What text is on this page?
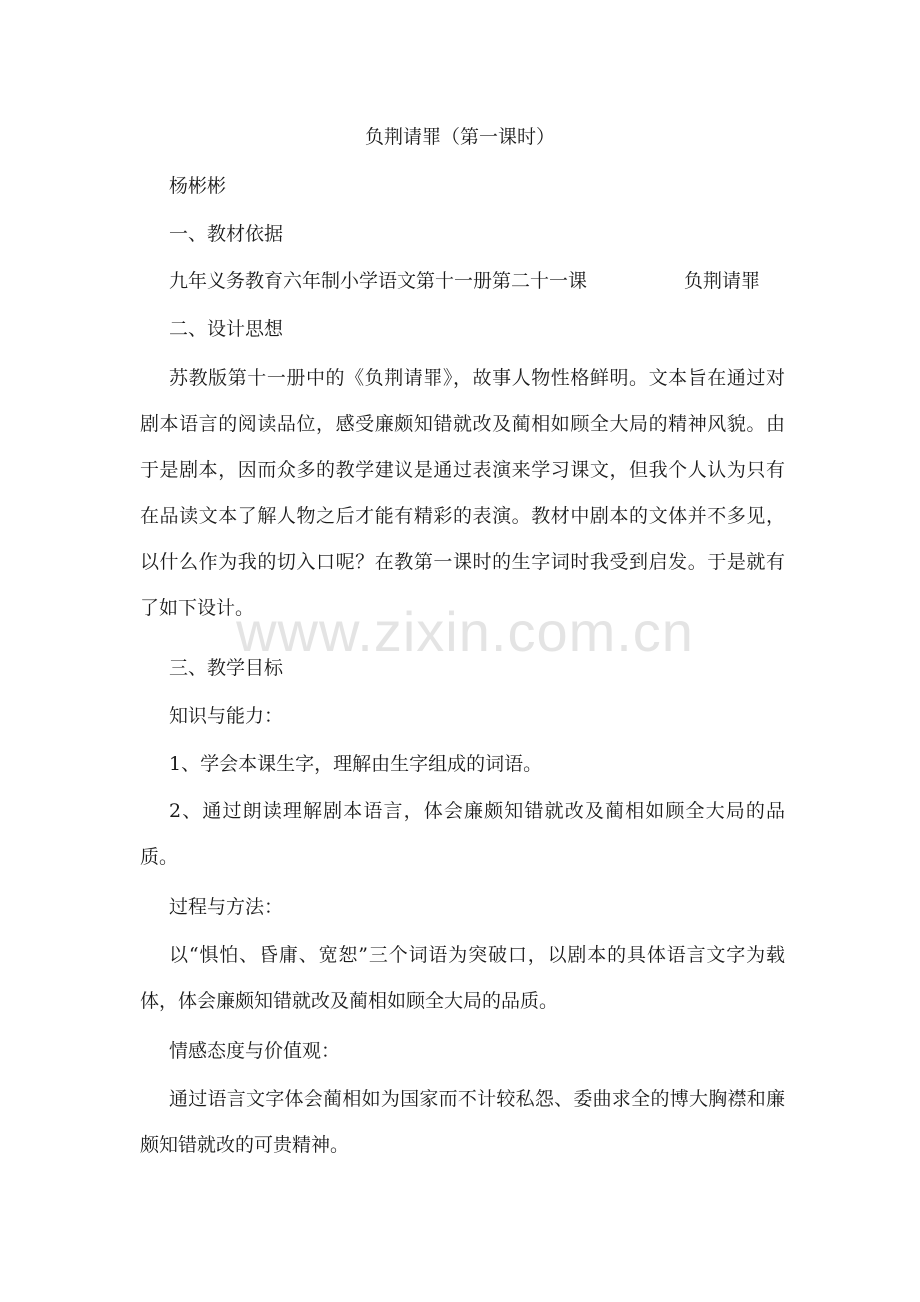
负荆请罪（第一课时）
杨彬彬
一、教材依据
九年义务教育六年制小学语文第十一册第二十一课	负荆请罪
二、设计思想
苏教版第十一册中的《负荆请罪》，故事人物性格鲜明。文本旨在通过对剧本语言的阅读品位，感受廉颇知错就改及蔺相如顾全大局的精神风貌。由于是剧本，因而众多的教学建议是通过表演来学习课文，但我个人认为只有在品读文本了解人物之后才能有精彩的表演。教材中剧本的文体并不多见，以什么作为我的切入口呢？在教第一课时的生字词时我受到启发。于是就有了如下设计。
三、教学目标
知识与能力：
1、学会本课生字，理解由生字组成的词语。
2、通过朗读理解剧本语言，体会廉颇知错就改及蔺相如顾全大局的品质。
过程与方法：
以“惧怕、昏庸、宽恕”三个词语为突破口，以剧本的具体语言文字为载体，体会廉颇知错就改及蔺相如顾全大局的品质。
情感态度与价值观：
通过语言文字体会蔺相如为国家而不计较私怨、委曲求全的博大胸襟和廉颇知错就改的可贵精神。
www.zixin.com.cn
